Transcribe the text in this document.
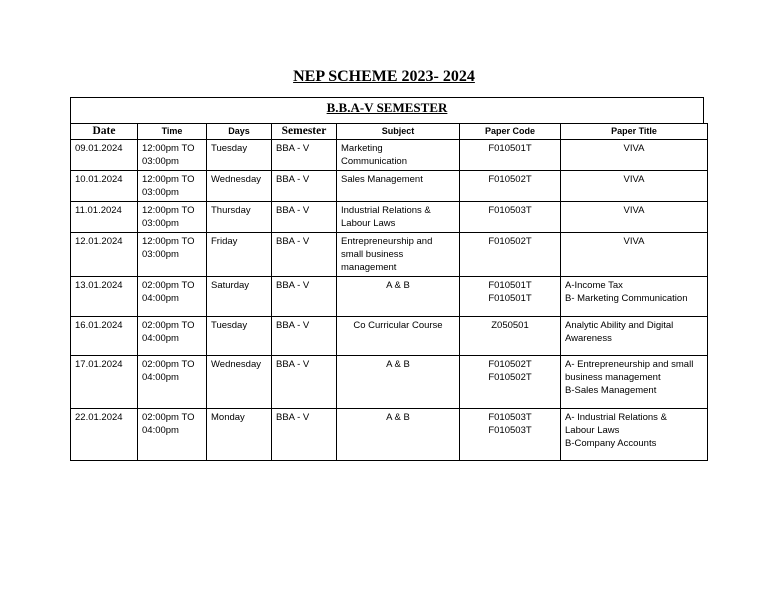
NEP SCHEME 2023- 2024
B.B.A-V SEMESTER
Date	Time	Days	Semester	Subject	Paper Code	Paper Title
09.01.2024	12:00pm TO
03:00pm	Tuesday	BBA - V	Marketing
Communication	F010501T	VIVA

10.01.2024	12:00pm TO
03:00pm	Wednesday	BBA - V	Sales Management	F010502T	VIVA

11.01.2024	12:00pm TO
03:00pm	Thursday	BBA - V	Industrial Relations &
Labour Laws	F010503T	VIVA

12.01.2024	12:00pm TO
03:00pm	Friday	BBA - V	Entrepreneurship and
small business
management	F010502T	VIVA

13.01.2024	02:00pm TO
04:00pm	Saturday	BBA - V	A & B	F010501T
F010501T	A-Income Tax
B- Marketing Communication

16.01.2024	02:00pm TO
04:00pm	Tuesday	BBA - V	Co Curricular Course	Z050501	Analytic Ability and Digital
Awareness

17.01.2024	02:00pm TO
04:00pm	Wednesday	BBA - V	A & B	F010502T
F010502T	A- Entrepreneurship and small
business management
B-Sales Management

22.01.2024	02:00pm TO
04:00pm	Monday	BBA - V	A & B	F010503T
F010503T	A- Industrial Relations &
Labour Laws
B-Company Accounts
